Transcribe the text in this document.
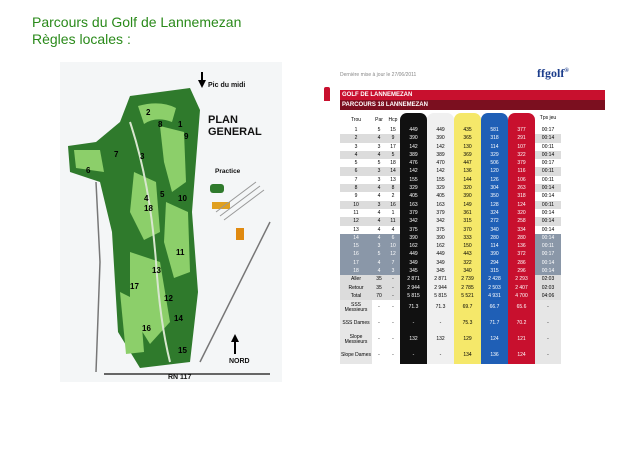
Parcours du Golf de Lannemezan
Règles locales :
Pic du midi
PLAN GENERAL
Practice
NORD
RN 117
1
2
3
4 5
6
7
8
9
10
11
12
13
14
15
16
17
18
Dernière mise à jour le 27/06/2011	ffgolf®
GOLF DE LANNEMEZAN
PARCOURS 18 LANNEMEZAN
Trou	Par	Hcp	Tps jeu
1	5	15	449	449	435	581	377	00:17
2	4	9	390	390	365	318	291	00:14
3	3	17	142	142	130	114	107	00:11
4	4	5	389	389	369	329	322	00:14
5	5	18	476	470	447	506	379	00:17
6	3	14	142	142	136	120	116	00:11
7	3	13	155	155	144	126	106	00:11
8	4	8	329	329	320	304	263	00:14
9	4	2	405	405	390	350	318	00:14
10	3	16	163	163	149	128	124	00:11
11	4	1	379	379	361	324	320	00:14
12	4	11	342	342	315	272	258	00:14
13	4	4	375	375	370	340	334	00:14
14	4	6	390	390	333	280	280	00:14
15	3	10	162	162	150	114	136	00:11
16	5	12	449	449	443	390	372	00:17
17	4	7	349	349	322	294	286	00:14
18	4	3	345	345	340	315	296	00:14
Aller	35	-	2 871	2 871	2 739	2 428	2 293	02:03
Retour	35	-	2 944	2 944	2 785	2 503	2 407	02:03
Total	70	-	5 815	5 815	5 521	4 931	4 700	04:06
SSS Messieurs	-	-	71.3	71.3	69.7	66.7	65.6	-
SSS Dames	-	-	-	-	75.3	71.7	70.2	-
Slope Messieurs	-	-	132	132	129	124	121	-
Slope Dames	-	-	-	-	134	136	124	-
